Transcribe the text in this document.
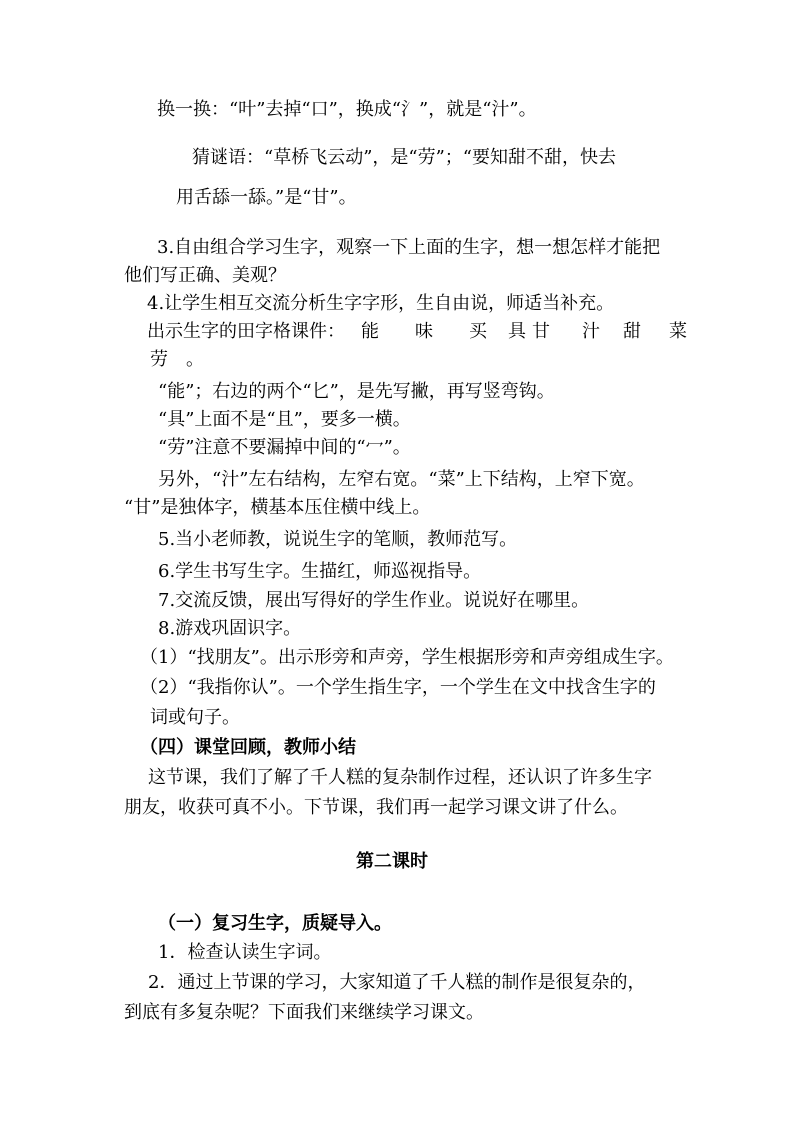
换一换：“叶”去掉“口”，换成“氵”，就是“汁”。
猜谜语：“草桥飞云动”，是“劳”；“要知甜不甜，快去
用舌舔一舔。”是“甘”。
3.自由组合学习生字，观察一下上面的生字，想一想怎样才能把
他们写正确、美观？
4.让学生相互交流分析生字字形，生自由说，师适当补充。
出示生字的田字格课件： 能 味 买 具 甘 汁 甜 菜
劳 。
“能”；右边的两个“匕”，是先写撇，再写竖弯钩。
“具”上面不是“且”，要多一横。
“劳”注意不要漏掉中间的“冖”。
另外，“汁”左右结构，左窄右宽。“菜”上下结构，上窄下宽。
“甘”是独体字，横基本压住横中线上。
5.当小老师教，说说生字的笔顺，教师范写。
6.学生书写生字。生描红，师巡视指导。
7.交流反馈，展出写得好的学生作业。说说好在哪里。
8.游戏巩固识字。
（1）“找朋友”。出示形旁和声旁，学生根据形旁和声旁组成生字。
（2）“我指你认”。一个学生指生字，一个学生在文中找含生字的
词或句子。
（四）课堂回顾，教师小结
这节课，我们了解了千人糕的复杂制作过程，还认识了许多生字
朋友，收获可真不小。下节课，我们再一起学习课文讲了什么。
第二课时
（一）复习生字，质疑导入。
1．检查认读生字词。
2．通过上节课的学习，大家知道了千人糕的制作是很复杂的，
到底有多复杂呢？下面我们来继续学习课文。
